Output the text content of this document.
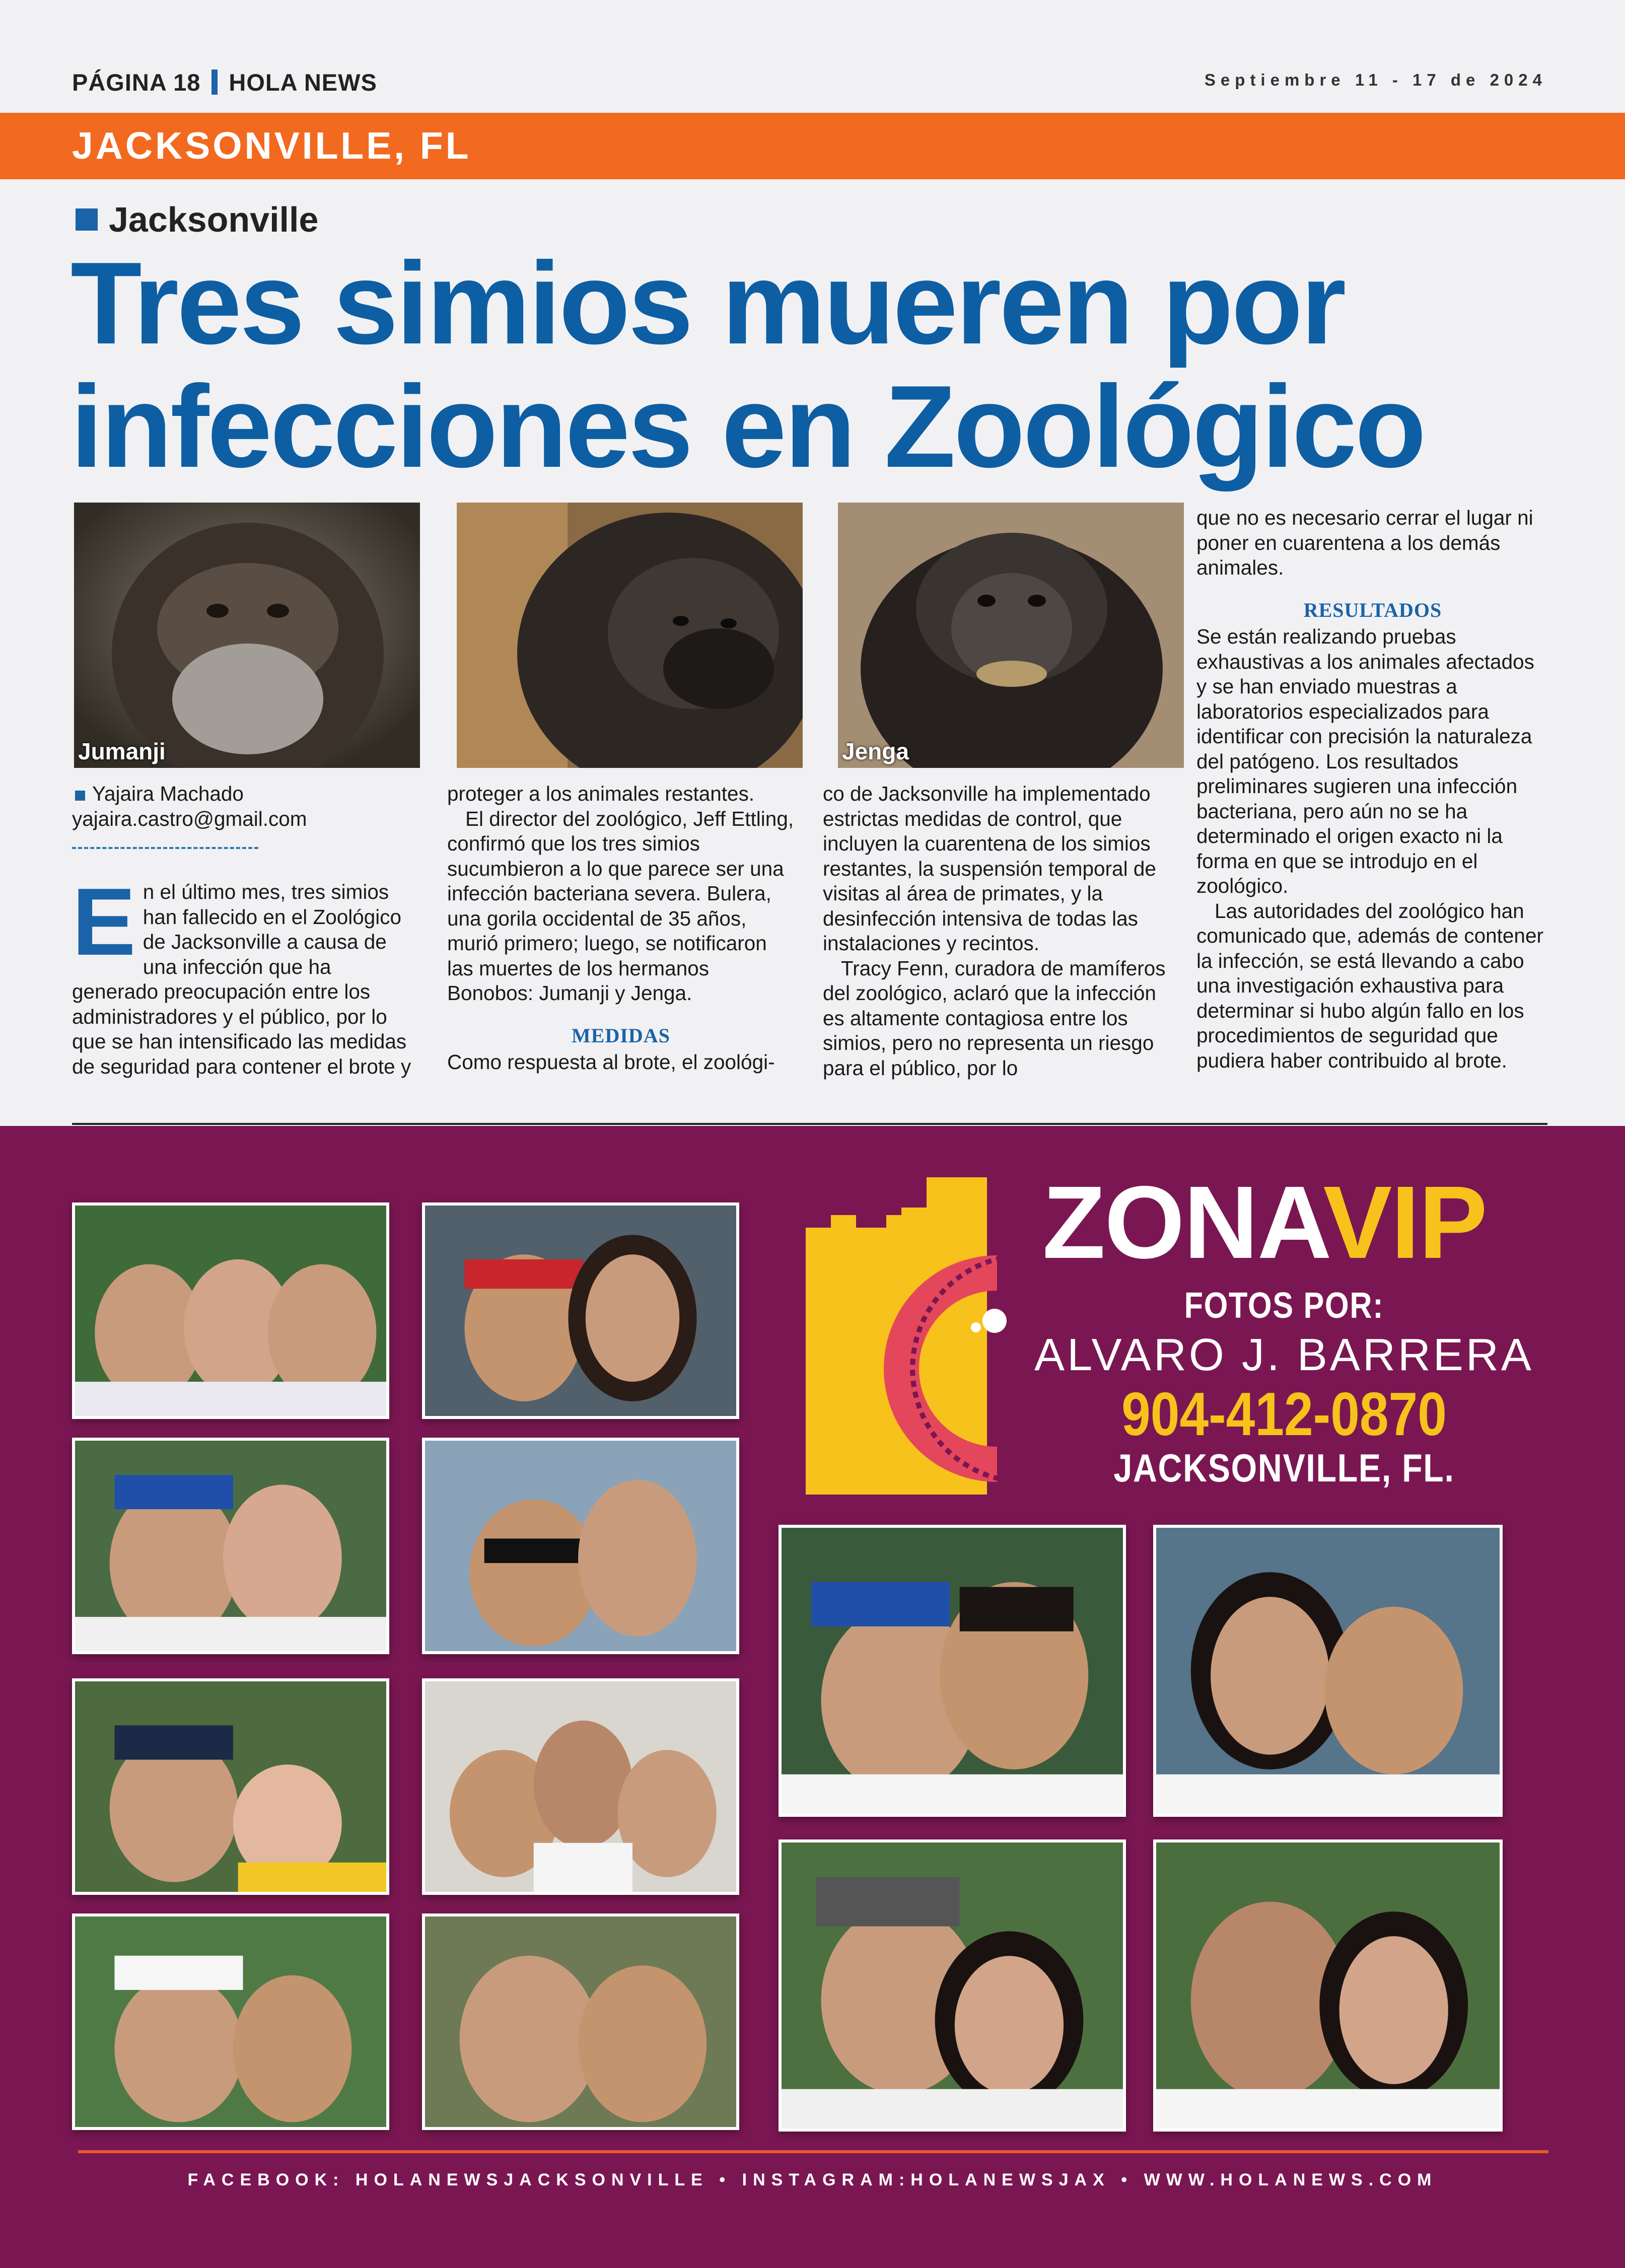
PÁGINA 18 HOLA NEWS	Septiembre 11 - 17 de 2024
JACKSONVILLE, FL
Jacksonville
Tres simios mueren por
infecciones en Zoológico
Jumanji	Jenga

Yajaira Machado

yajaira.castro@gmail.com

En el último mes, tres simios han fallecido en el Zoológico de Jacksonville a causa de una infección que ha generado preocupación entre los administradores y el público, por lo que se han intensificado las medidas de seguridad para contener el brote y

proteger a los animales restantes.

El director del zoológico, Jeff Ettling, confirmó que los tres simios sucumbieron a lo que parece ser una infección bacteriana severa. Bulera, una gorila occidental de 35 años, murió primero; luego, se notificaron las muertes de los hermanos Bonobos: Jumanji y Jenga.

MEDIDAS

Como respuesta al brote, el zoológi-

co de Jacksonville ha implementado estrictas medidas de control, que incluyen la cuarentena de los simios restantes, la suspensión temporal de visitas al área de primates, y la desinfección intensiva de todas las instalaciones y recintos.

Tracy Fenn, curadora de mamíferos del zoológico, aclaró que la infección es altamente contagiosa entre los simios, pero no representa un riesgo para el público, por lo

que no es necesario cerrar el lugar ni poner en cuarentena a los demás animales.

RESULTADOS

Se están realizando pruebas exhaustivas a los animales afectados y se han enviado muestras a laboratorios especializados para identificar con precisión la naturaleza del patógeno. Los resultados preliminares sugieren una infección bacteriana, pero aún no se ha determinado el origen exacto ni la forma en que se introdujo en el zoológico.

Las autoridades del zoológico han comunicado que, además de contener la infección, se está llevando a cabo una investigación exhaustiva para determinar si hubo algún fallo en los procedimientos de seguridad que pudiera haber contribuido al brote.

ZONAVIP
FOTOS POR:
ALVARO J. BARRERA
904-412-0870
JACKSONVILLE, FL.
FACEBOOK: HOLANEWSJACKSONVILLE • INSTAGRAM:HOLANEWSJAX • WWW.HOLANEWS.COM
